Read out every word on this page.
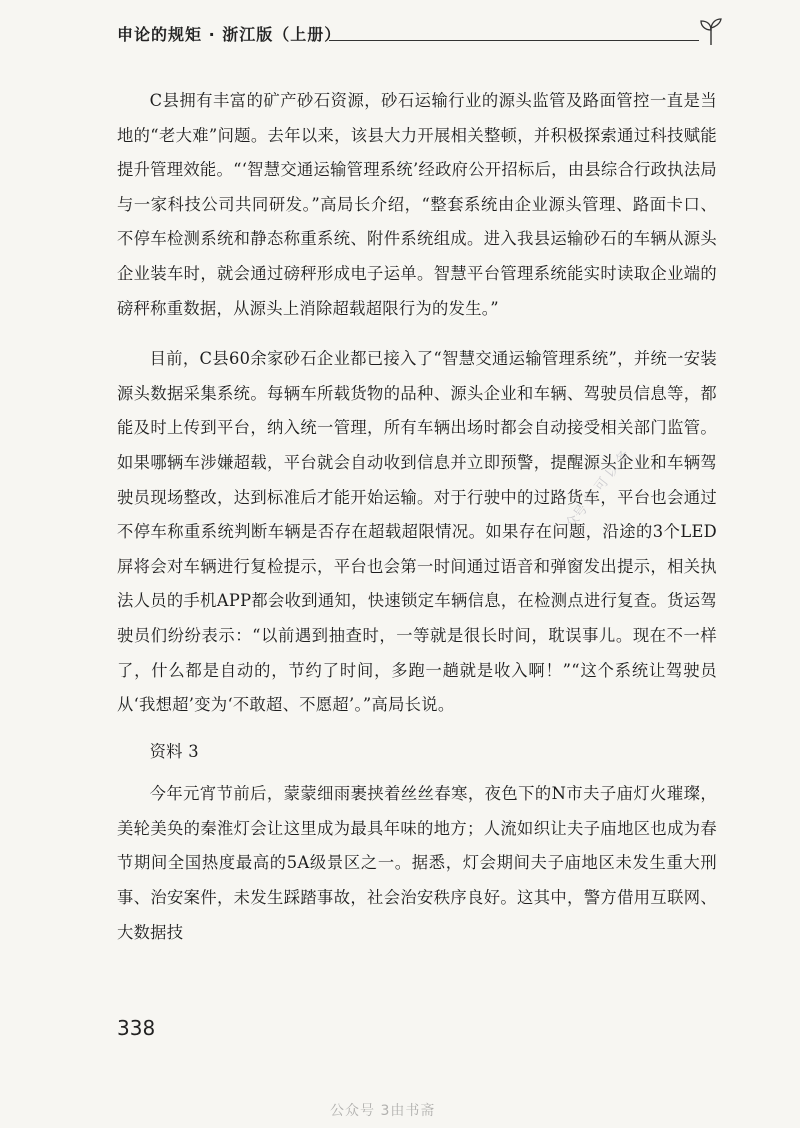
申论的规矩 · 浙江版（上册）

C县拥有丰富的矿产砂石资源，砂石运输行业的源头监管及路面管控一直是当地的“老大难”问题。去年以来，该县大力开展相关整顿，并积极探索通过科技赋能提升管理效能。“‘智慧交通运输管理系统’经政府公开招标后，由县综合行政执法局与一家科技公司共同研发。”高局长介绍，“整套系统由企业源头管理、路面卡口、不停车检测系统和静态称重系统、附件系统组成。进入我县运输砂石的车辆从源头企业装车时，就会通过磅秤形成电子运单。智慧平台管理系统能实时读取企业端的磅秤称重数据，从源头上消除超载超限行为的发生。”

目前，C县60余家砂石企业都已接入了“智慧交通运输管理系统”，并统一安装源头数据采集系统。每辆车所载货物的品种、源头企业和车辆、驾驶员信息等，都能及时上传到平台，纳入统一管理，所有车辆出场时都会自动接受相关部门监管。如果哪辆车涉嫌超载，平台就会自动收到信息并立即预警，提醒源头企业和车辆驾驶员现场整改，达到标准后才能开始运输。对于行驶中的过路货车，平台也会通过不停车称重系统判断车辆是否存在超载超限情况。如果存在问题，沿途的3个LED屏将会对车辆进行复检提示，平台也会第一时间通过语音和弹窗发出提示，相关执法人员的手机APP都会收到通知，快速锁定车辆信息，在检测点进行复查。货运驾驶员们纷纷表示：“以前遇到抽查时，一等就是很长时间，耽误事儿。现在不一样了，什么都是自动的，节约了时间，多跑一趟就是收入啊！”“这个系统让驾驶员从‘我想超’变为‘不敢超、不愿超’。”高局长说。

资料 3

今年元宵节前后，蒙蒙细雨裹挟着丝丝春寒，夜色下的N市夫子庙灯火璀璨，美轮美奂的秦淮灯会让这里成为最具年味的地方；人流如织让夫子庙地区也成为春节期间全国热度最高的5A级景区之一。据悉，灯会期间夫子庙地区未发生重大刑事、治安案件，未发生踩踏事故，社会治安秩序良好。这其中，警方借用互联网、大数据技

338
众号 优 可 以 备
公众号 3由书斋
